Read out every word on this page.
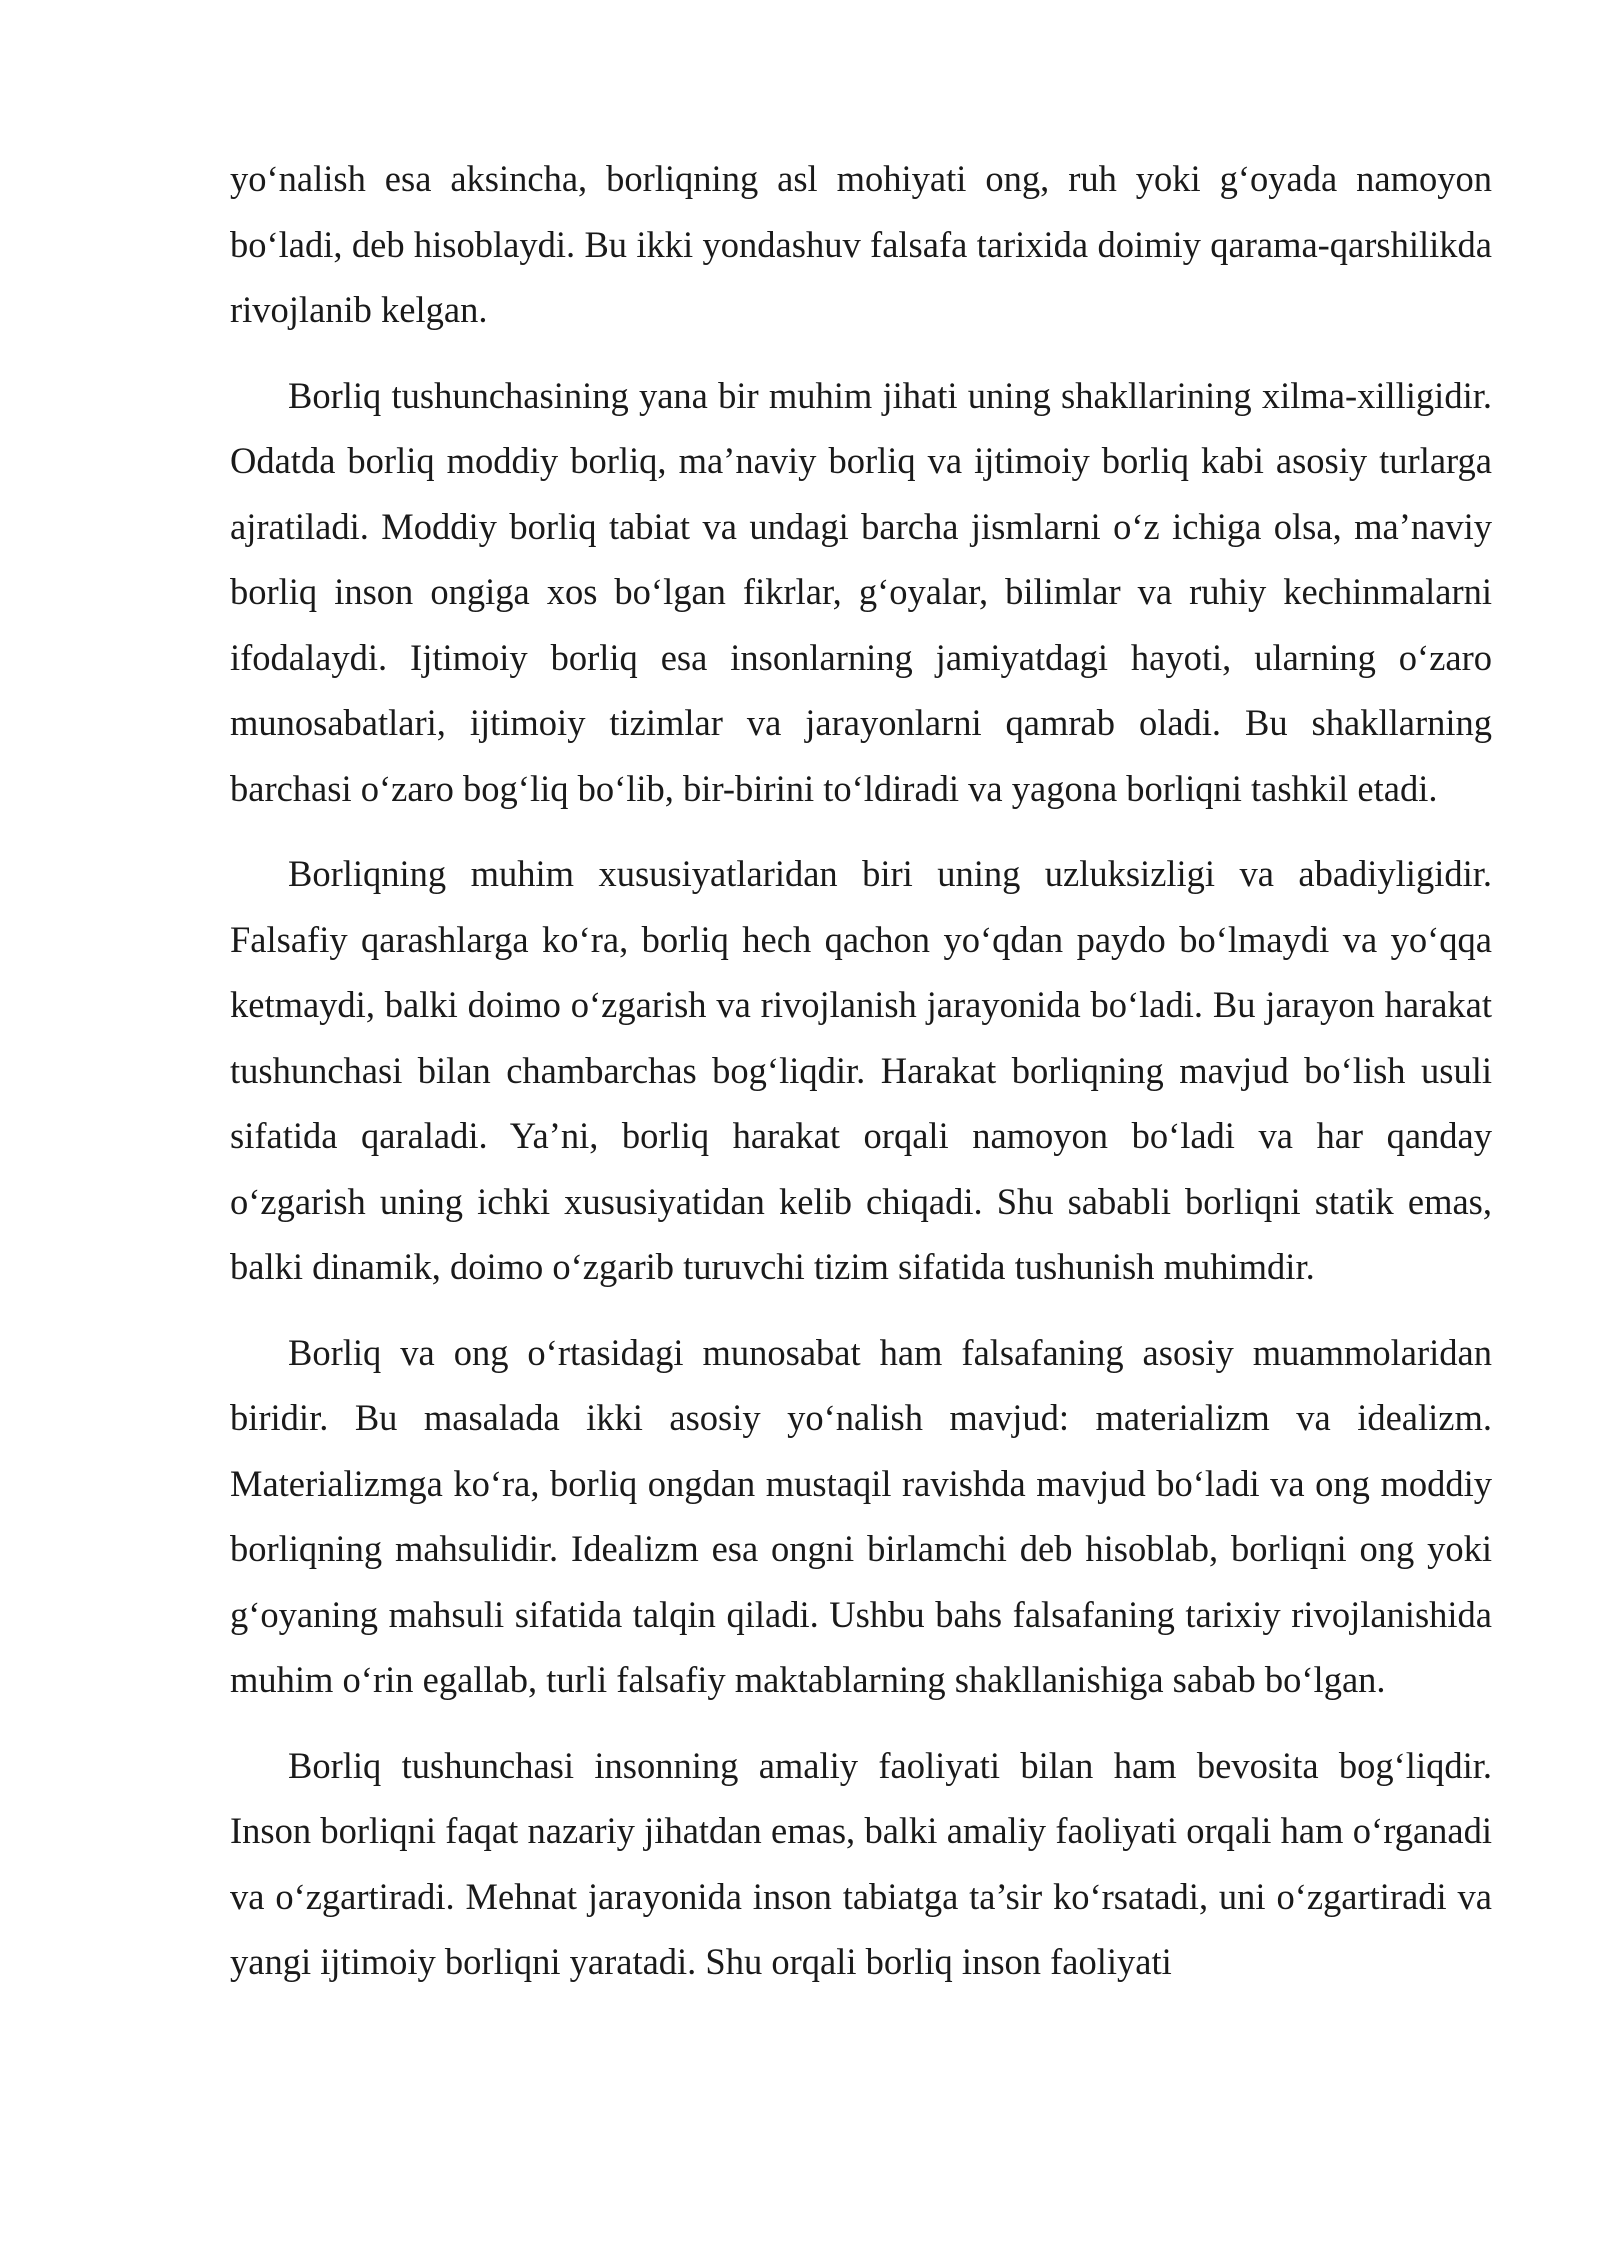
yo‘nalish esa aksincha, borliqning asl mohiyati ong, ruh yoki g‘oyada namoyon bo‘ladi, deb hisoblaydi. Bu ikki yondashuv falsafa tarixida doimiy qarama-qarshilikda rivojlanib kelgan.

Borliq tushunchasining yana bir muhim jihati uning shakllarining xilma-xilligidir. Odatda borliq moddiy borliq, ma’naviy borliq va ijtimoiy borliq kabi asosiy turlarga ajratiladi. Moddiy borliq tabiat va undagi barcha jismlarni o‘z ichiga olsa, ma’naviy borliq inson ongiga xos bo‘lgan fikrlar, g‘oyalar, bilimlar va ruhiy kechinmalarni ifodalaydi. Ijtimoiy borliq esa insonlarning jamiyatdagi hayoti, ularning o‘zaro munosabatlari, ijtimoiy tizimlar va jarayonlarni qamrab oladi. Bu shakllarning barchasi o‘zaro bog‘liq bo‘lib, bir-birini to‘ldiradi va yagona borliqni tashkil etadi.

Borliqning muhim xususiyatlaridan biri uning uzluksizligi va abadiyligidir. Falsafiy qarashlarga ko‘ra, borliq hech qachon yo‘qdan paydo bo‘lmaydi va yo‘qqa ketmaydi, balki doimo o‘zgarish va rivojlanish jarayonida bo‘ladi. Bu jarayon harakat tushunchasi bilan chambarchas bog‘liqdir. Harakat borliqning mavjud bo‘lish usuli sifatida qaraladi. Ya’ni, borliq harakat orqali namoyon bo‘ladi va har qanday o‘zgarish uning ichki xususiyatidan kelib chiqadi. Shu sababli borliqni statik emas, balki dinamik, doimo o‘zgarib turuvchi tizim sifatida tushunish muhimdir.

Borliq va ong o‘rtasidagi munosabat ham falsafaning asosiy muammolaridan biridir. Bu masalada ikki asosiy yo‘nalish mavjud: materializm va idealizm. Materializmga ko‘ra, borliq ongdan mustaqil ravishda mavjud bo‘ladi va ong moddiy borliqning mahsulidir. Idealizm esa ongni birlamchi deb hisoblab, borliqni ong yoki g‘oyaning mahsuli sifatida talqin qiladi. Ushbu bahs falsafaning tarixiy rivojlanishida muhim o‘rin egallab, turli falsafiy maktablarning shakllanishiga sabab bo‘lgan.

Borliq tushunchasi insonning amaliy faoliyati bilan ham bevosita bog‘liqdir. Inson borliqni faqat nazariy jihatdan emas, balki amaliy faoliyati orqali ham o‘rganadi va o‘zgartiradi. Mehnat jarayonida inson tabiatga ta’sir ko‘rsatadi, uni o‘zgartiradi va yangi ijtimoiy borliqni yaratadi. Shu orqali borliq inson faoliyati
